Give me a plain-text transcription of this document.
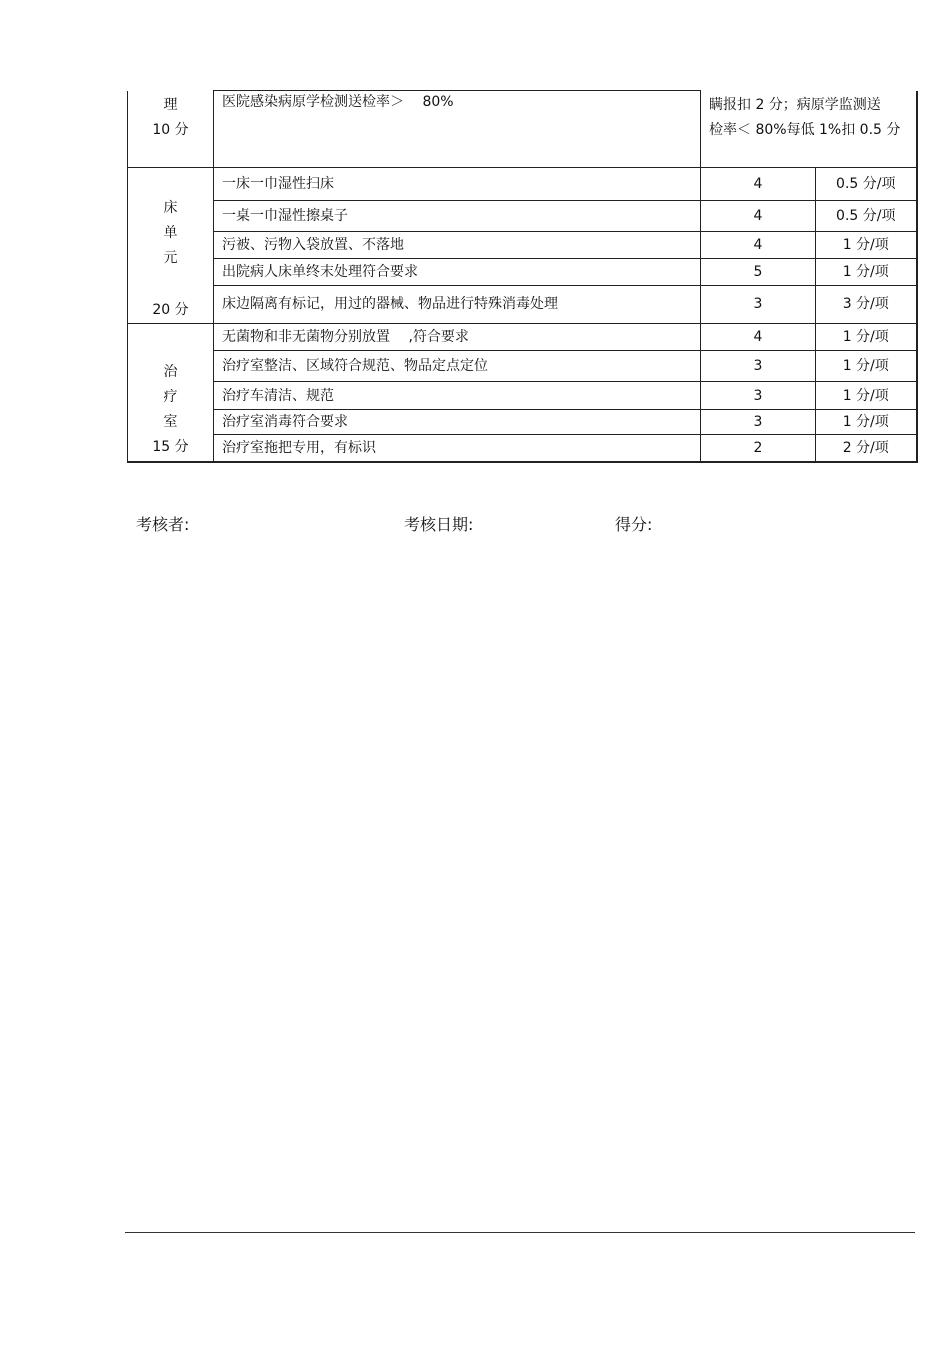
理
10 分	医院感染病原学检测送检率＞　 80%	瞒报扣 2 分；病原学监测送
检率＜ 80%每低 1%扣 0.5 分	

床
单
元
20 分	一床一巾湿性扫床	4	0.5 分/项
	一桌一巾湿性擦桌子	4	0.5 分/项
	污被、污物入袋放置、不落地	4	1 分/项
	出院病人床单终末处理符合要求	5	1 分/项
	床边隔离有标记，用过的器械、物品进行特殊消毒处理	3	3 分/项

治
疗
室
15 分	无菌物和非无菌物分别放置　 ,符合要求	4	1 分/项
	治疗室整洁、区域符合规范、物品定点定位	3	1 分/项
	治疗车清洁、规范	3	1 分/项
	治疗室消毒符合要求	3	1 分/项
	治疗室拖把专用，有标识	2	2 分/项
考核者:	考核日期:	得分:
